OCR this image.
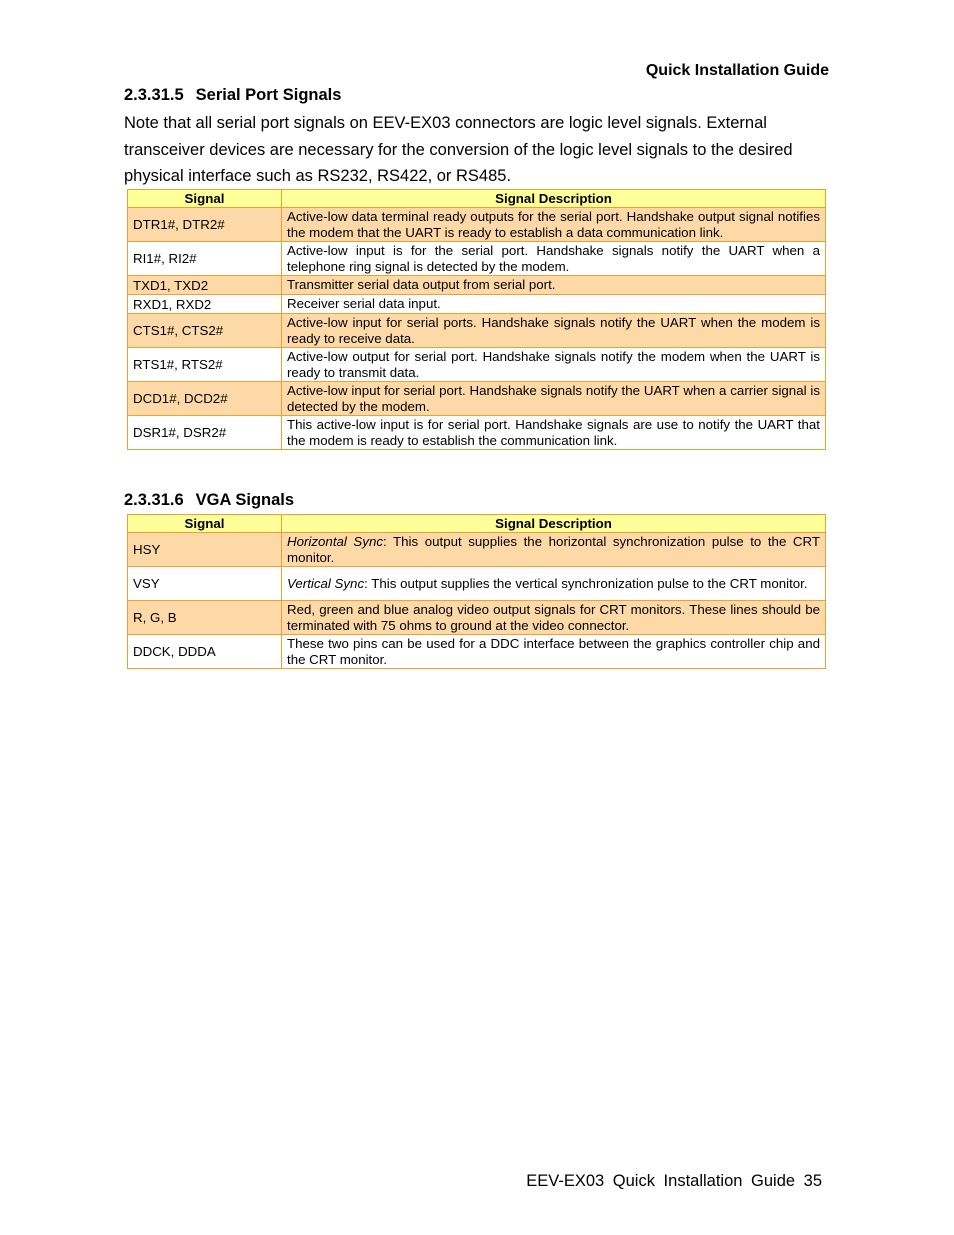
Quick Installation Guide
2.3.31.5 Serial Port Signals

Note that all serial port signals on EEV-EX03 connectors are logic level signals. External transceiver devices are necessary for the conversion of the logic level signals to the desired physical interface such as RS232, RS422, or RS485.

Signal	Signal Description
DTR1#, DTR2#	Active-low data terminal ready outputs for the serial port. Handshake output signal notifies the modem that the UART is ready to establish a data communication link.
RI1#, RI2#	Active-low input is for the serial port. Handshake signals notify the UART when a telephone ring signal is detected by the modem.
TXD1, TXD2	Transmitter serial data output from serial port.
RXD1, RXD2	Receiver serial data input.
CTS1#, CTS2#	Active-low input for serial ports. Handshake signals notify the UART when the modem is ready to receive data.
RTS1#, RTS2#	Active-low output for serial port. Handshake signals notify the modem when the UART is ready to transmit data.
DCD1#, DCD2#	Active-low input for serial port. Handshake signals notify the UART when a carrier signal is detected by the modem.
DSR1#, DSR2#	This active-low input is for serial port. Handshake signals are use to notify the UART that the modem is ready to establish the communication link.
2.3.31.6 VGA Signals
Signal	Signal Description
HSY	Horizontal Sync: This output supplies the horizontal synchronization pulse to the CRT monitor.
VSY	Vertical Sync: This output supplies the vertical synchronization pulse to the CRT monitor.
R, G, B	Red, green and blue analog video output signals for CRT monitors. These lines should be terminated with 75 ohms to ground at the video connector.
DDCK, DDDA	These two pins can be used for a DDC interface between the graphics controller chip and the CRT monitor.
EEV-EX03 Quick Installation Guide 35
